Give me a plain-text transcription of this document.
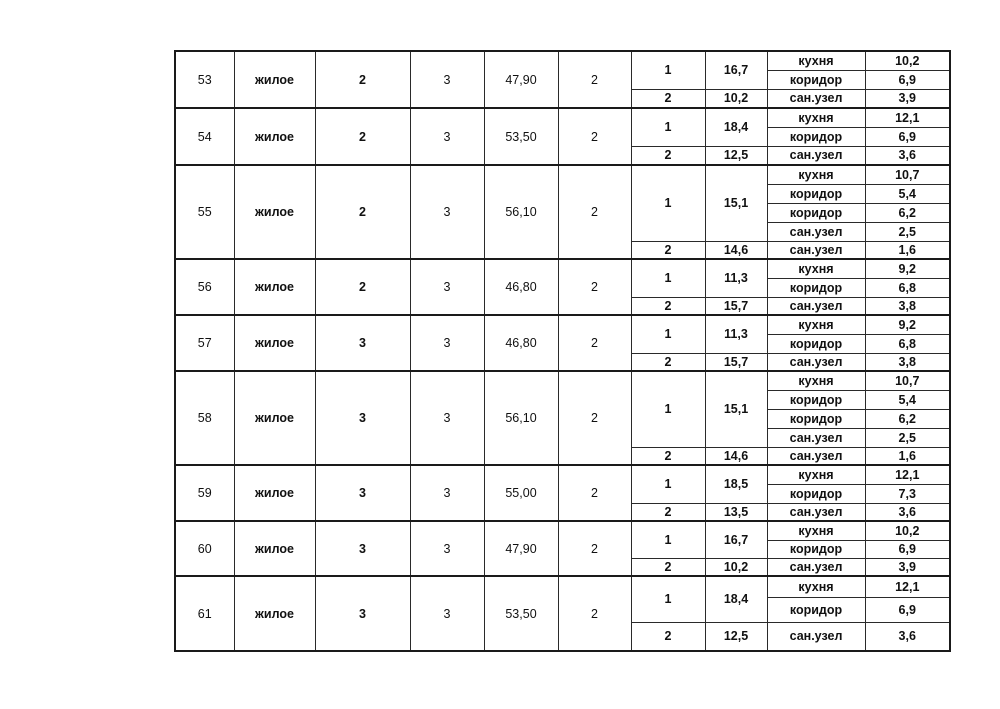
53	жилое	2	3	47,90	2	1	16,7	кухня	10,2
								коридор	6,9
						2	10,2	сан.узел	3,9
54	жилое	2	3	53,50	2	1	18,4	кухня	12,1
								коридор	6,9
						2	12,5	сан.узел	3,6
55	жилое	2	3	56,10	2	1	15,1	кухня	10,7
								коридор	5,4
								коридор	6,2
								сан.узел	2,5
						2	14,6	сан.узел	1,6
56	жилое	2	3	46,80	2	1	11,3	кухня	9,2
								коридор	6,8
						2	15,7	сан.узел	3,8
57	жилое	3	3	46,80	2	1	11,3	кухня	9,2
								коридор	6,8
						2	15,7	сан.узел	3,8
58	жилое	3	3	56,10	2	1	15,1	кухня	10,7
								коридор	5,4
								коридор	6,2
								сан.узел	2,5
						2	14,6	сан.узел	1,6
59	жилое	3	3	55,00	2	1	18,5	кухня	12,1
								коридор	7,3
						2	13,5	сан.узел	3,6
60	жилое	3	3	47,90	2	1	16,7	кухня	10,2
								коридор	6,9
						2	10,2	сан.узел	3,9
61	жилое	3	3	53,50	2	1	18,4	кухня	12,1
								коридор	6,9
						2	12,5	сан.узел	3,6
